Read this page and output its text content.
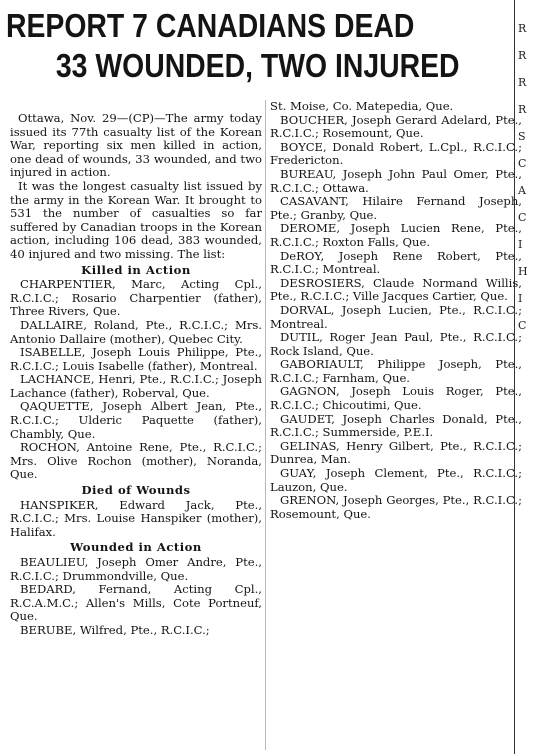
REPORT 7 CANADIANS DEAD
33 WOUNDED, TWO INJURED

Ottawa, Nov. 29—(CP)—The army today issued its 77th casualty list of the Korean War, reporting six men killed in action, one dead of wounds, 33 wounded, and two injured in action.

It was the longest casualty list issued by the army in the Korean War. It brought to 531 the number of casualties so far suffered by Canadian troops in the Korean action, including 106 dead, 383 wounded, 40 injured and two missing. The list:

Killed in Action

CHARPENTIER, Marc, Acting Cpl., R.C.I.C.; Rosario Charpentier (father), Three Rivers, Que.

DALLAIRE, Roland, Pte., R.C.I.C.; Mrs. Antonio Dallaire (mother), Quebec City.

ISABELLE, Joseph Louis Philippe, Pte., R.C.I.C.; Louis Isabelle (father), Montreal.

LACHANCE, Henri, Pte., R.C.I.C.; Joseph Lachance (father), Roberval, Que.

QAQUETTE, Joseph Albert Jean, Pte., R.C.I.C.; Ulderic Paquette (father), Chambly, Que.

ROCHON, Antoine Rene, Pte., R.C.I.C.; Mrs. Olive Rochon (mother), Noranda, Que.

Died of Wounds

HANSPIKER, Edward Jack, Pte., R.C.I.C.; Mrs. Louise Hanspiker (mother), Halifax.

Wounded in Action

BEAULIEU, Joseph Omer Andre, Pte., R.C.I.C.; Drummondville, Que.

BEDARD, Fernand, Acting Cpl., R.C.A.M.C.; Allen's Mills, Cote Portneuf, Que.

BERUBE, Wilfred, Pte., R.C.I.C.;

St. Moise, Co. Matepedia, Que.

BOUCHER, Joseph Gerard Adelard, Pte., R.C.I.C.; Rosemount, Que.

BOYCE, Donald Robert, L.Cpl., R.C.I.C.; Fredericton.

BUREAU, Joseph John Paul Omer, Pte., R.C.I.C.; Ottawa.

CASAVANT, Hilaire Fernand Joseph, Pte.; Granby, Que.

DEROME, Joseph Lucien Rene, Pte., R.C.I.C.; Roxton Falls, Que.

DeROY, Joseph Rene Robert, Pte., R.C.I.C.; Montreal.

DESROSIERS, Claude Normand Willis, Pte., R.C.I.C.; Ville Jacques Cartier, Que.

DORVAL, Joseph Lucien, Pte., R.C.I.C.; Montreal.

DUTIL, Roger Jean Paul, Pte., R.C.I.C.; Rock Island, Que.

GABORIAULT, Philippe Joseph, Pte., R.C.I.C.; Farnham, Que.

GAGNON, Joseph Louis Roger, Pte., R.C.I.C.; Chicoutimi, Que.

GAUDET, Joseph Charles Donald, Pte., R.C.I.C.; Summerside, P.E.I.

GELINAS, Henry Gilbert, Pte., R.C.I.C.; Dunrea, Man.

GUAY, Joseph Clement, Pte., R.C.I.C.; Lauzon, Que.

GRENON, Joseph Georges, Pte., R.C.I.C.; Rosemount, Que.

R
R
R
R
S
C
A
C
I
H
I
C
